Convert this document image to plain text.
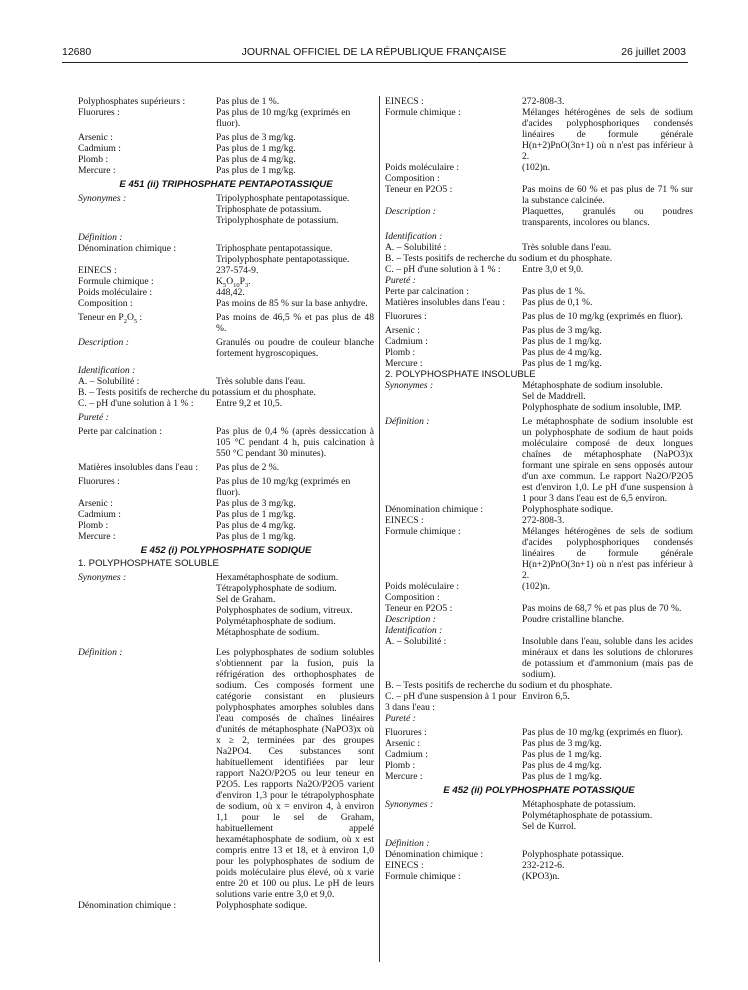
12680	JOURNAL OFFICIEL DE LA RÉPUBLIQUE FRANÇAISE	26 juillet 2003
Polyphosphates supérieurs :	Pas plus de 1 %.
Fluorures :	Pas plus de 10 mg/kg (exprimés en fluor).
Arsenic :	Pas plus de 3 mg/kg.
Cadmium :	Pas plus de 1 mg/kg.
Plomb :	Pas plus de 4 mg/kg.
Mercure :	Pas plus de 1 mg/kg.
E 451 (ii) TRIPHOSPHATE PENTAPOTASSIQUE
Synonymes :	Tripolyphosphate pentapotassique.
Triphosphate de potassium.
Tripolyphosphate de potassium.
Définition :
Dénomination chimique :	Triphosphate pentapotassique.
Tripolyphosphate pentapotassique.
EINECS :	237-574-9.
Formule chimique :	$K_5O_{10}P_3$.
Poids moléculaire :	448,42.
Composition :	Pas moins de 85 % sur la base anhydre.
Teneur en $P_2O_5$ :	Pas moins de 46,5 % et pas plus de 48 %.
Description :	Granulés ou poudre de couleur blanche fortement hygroscopiques.
Identification :
A. – Solubilité :	Très soluble dans l'eau.
B. – Tests positifs de recherche du potassium et du phosphate.
C. – pH d'une solution à 1 % :	Entre 9,2 et 10,5.
Pureté :
Perte par calcination :	Pas plus de 0,4 % (après dessiccation à 105 °C pendant 4 h, puis calcination à 550 °C pendant 30 minutes).
Matières insolubles dans l'eau :	Pas plus de 2 %.
Fluorures :	Pas plus de 10 mg/kg (exprimés en fluor).
Arsenic :	Pas plus de 3 mg/kg.
Cadmium :	Pas plus de 1 mg/kg.
Plomb :	Pas plus de 4 mg/kg.
Mercure :	Pas plus de 1 mg/kg.
E 452 (i) POLYPHOSPHATE SODIQUE
1. POLYPHOSPHATE SOLUBLE
Synonymes :	Hexamétaphosphate de sodium.
Tétrapolyphosphate de sodium.
Sel de Graham.
Polyphosphates de sodium, vitreux.
Polymétaphosphate de sodium.
Métaphosphate de sodium.
Définition :	Les polyphosphates de sodium solubles s'obtiennent par la fusion, puis la réfrigération des orthophosphates de sodium. Ces composés forment une catégorie consistant en plusieurs polyphosphates amorphes solubles dans l'eau composés de chaînes linéaires d'unités de métaphosphate (NaPO3)x où x ≥ 2, terminées par des groupes Na2PO4. Ces substances sont habituellement identifiées par leur rapport Na2O/P2O5 ou leur teneur en P2O5. Les rapports Na2O/P2O5 varient d'environ 1,3 pour le tétrapolyphosphate de sodium, où x = environ 4, à environ 1,1 pour le sel de Graham, habituellement appelé hexamétaphosphate de sodium, où x est compris entre 13 et 18, et à environ 1,0 pour les polyphosphates de sodium de poids moléculaire plus élevé, où x varie entre 20 et 100 ou plus. Le pH de leurs solutions varie entre 3,0 et 9,0.
Dénomination chimique :	Polyphosphate sodique.
EINECS :	272-808-3.
Formule chimique :	Mélanges hétérogènes de sels de sodium d'acides polyphosphoriques condensés linéaires de formule générale H(n+2)PnO(3n+1) où n n'est pas inférieur à 2.
Poids moléculaire :	(102)n.
Composition :
Teneur en P2O5 :	Pas moins de 60 % et pas plus de 71 % sur la substance calcinée.
Description :	Plaquettes, granulés ou poudres transparents, incolores ou blancs.
Identification :
A. – Solubilité :	Très soluble dans l'eau.
B. – Tests positifs de recherche du sodium et du phosphate.
C. – pH d'une solution à 1 % :	Entre 3,0 et 9,0.
Pureté :
Perte par calcination :	Pas plus de 1 %.
Matières insolubles dans l'eau :	Pas plus de 0,1 %.
Fluorures :	Pas plus de 10 mg/kg (exprimés en fluor).
Arsenic :	Pas plus de 3 mg/kg.
Cadmium :	Pas plus de 1 mg/kg.
Plomb :	Pas plus de 4 mg/kg.
Mercure :	Pas plus de 1 mg/kg.
2. POLYPHOSPHATE INSOLUBLE
Synonymes :	Métaphosphate de sodium insoluble.
Sel de Maddrell.
Polyphosphate de sodium insoluble, IMP.
Définition :	Le métaphosphate de sodium insoluble est un polyphosphate de sodium de haut poids moléculaire composé de deux longues chaînes de métaphosphate (NaPO3)x formant une spirale en sens opposés autour d'un axe commun. Le rapport Na2O/P2O5 est d'environ 1,0. Le pH d'une suspension à 1 pour 3 dans l'eau est de 6,5 environ.
Dénomination chimique :	Polyphosphate sodique.
EINECS :	272-808-3.
Formule chimique :	Mélanges hétérogènes de sels de sodium d'acides polyphosphoriques condensés linéaires de formule générale H(n+2)PnO(3n+1) où n n'est pas inférieur à 2.
Poids moléculaire :	(102)n.
Composition :
Teneur en P2O5 :	Pas moins de 68,7 % et pas plus de 70 %.
Description :	Poudre cristalline blanche.
Identification :
A. – Solubilité :	Insoluble dans l'eau, soluble dans les acides minéraux et dans les solutions de chlorures de potassium et d'ammonium (mais pas de sodium).
B. – Tests positifs de recherche du sodium et du phosphate.
C. – pH d'une suspension à 1 pour 3 dans l'eau :
Environ 6,5.
Pureté :
Fluorures :	Pas plus de 10 mg/kg (exprimés en fluor).
Arsenic :	Pas plus de 3 mg/kg.
Cadmium :	Pas plus de 1 mg/kg.
Plomb :	Pas plus de 4 mg/kg.
Mercure :	Pas plus de 1 mg/kg.
E 452 (ii) POLYPHOSPHATE POTASSIQUE
Synonymes :	Métaphosphate de potassium.
Polymétaphosphate de potassium.
Sel de Kurrol.
Définition :
Dénomination chimique :	Polyphosphate potassique.
EINECS :	232-212-6.
Formule chimique :	(KPO3)n.
